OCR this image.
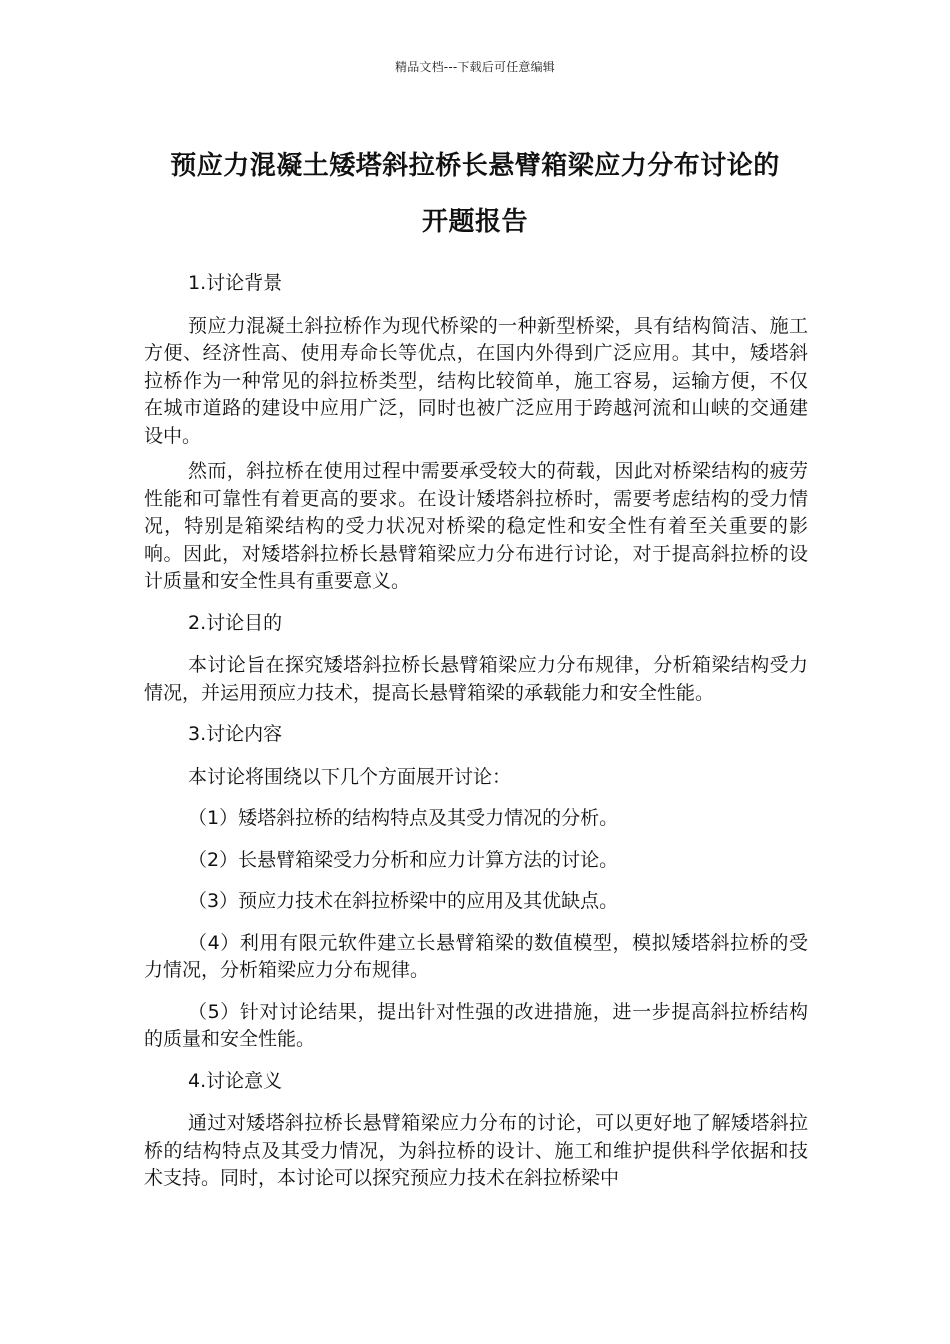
精品文档---下载后可任意编辑
预应力混凝土矮塔斜拉桥长悬臂箱梁应力分布讨论的
开题报告
1.讨论背景

预应力混凝土斜拉桥作为现代桥梁的一种新型桥梁，具有结构简洁、施工方便、经济性高、使用寿命长等优点，在国内外得到广泛应用。其中，矮塔斜拉桥作为一种常见的斜拉桥类型，结构比较简单，施工容易，运输方便，不仅在城市道路的建设中应用广泛，同时也被广泛应用于跨越河流和山峡的交通建设中。

然而，斜拉桥在使用过程中需要承受较大的荷载，因此对桥梁结构的疲劳性能和可靠性有着更高的要求。在设计矮塔斜拉桥时，需要考虑结构的受力情况，特别是箱梁结构的受力状况对桥梁的稳定性和安全性有着至关重要的影响。因此，对矮塔斜拉桥长悬臂箱梁应力分布进行讨论，对于提高斜拉桥的设计质量和安全性具有重要意义。

2.讨论目的

本讨论旨在探究矮塔斜拉桥长悬臂箱梁应力分布规律，分析箱梁结构受力情况，并运用预应力技术，提高长悬臂箱梁的承载能力和安全性能。

3.讨论内容

本讨论将围绕以下几个方面展开讨论：

（1）矮塔斜拉桥的结构特点及其受力情况的分析。

（2）长悬臂箱梁受力分析和应力计算方法的讨论。

（3）预应力技术在斜拉桥梁中的应用及其优缺点。

（4）利用有限元软件建立长悬臂箱梁的数值模型，模拟矮塔斜拉桥的受力情况，分析箱梁应力分布规律。

（5）针对讨论结果，提出针对性强的改进措施，进一步提高斜拉桥结构的质量和安全性能。

4.讨论意义

通过对矮塔斜拉桥长悬臂箱梁应力分布的讨论，可以更好地了解矮塔斜拉桥的结构特点及其受力情况，为斜拉桥的设计、施工和维护提供科学依据和技术支持。同时，本讨论可以探究预应力技术在斜拉桥梁中
